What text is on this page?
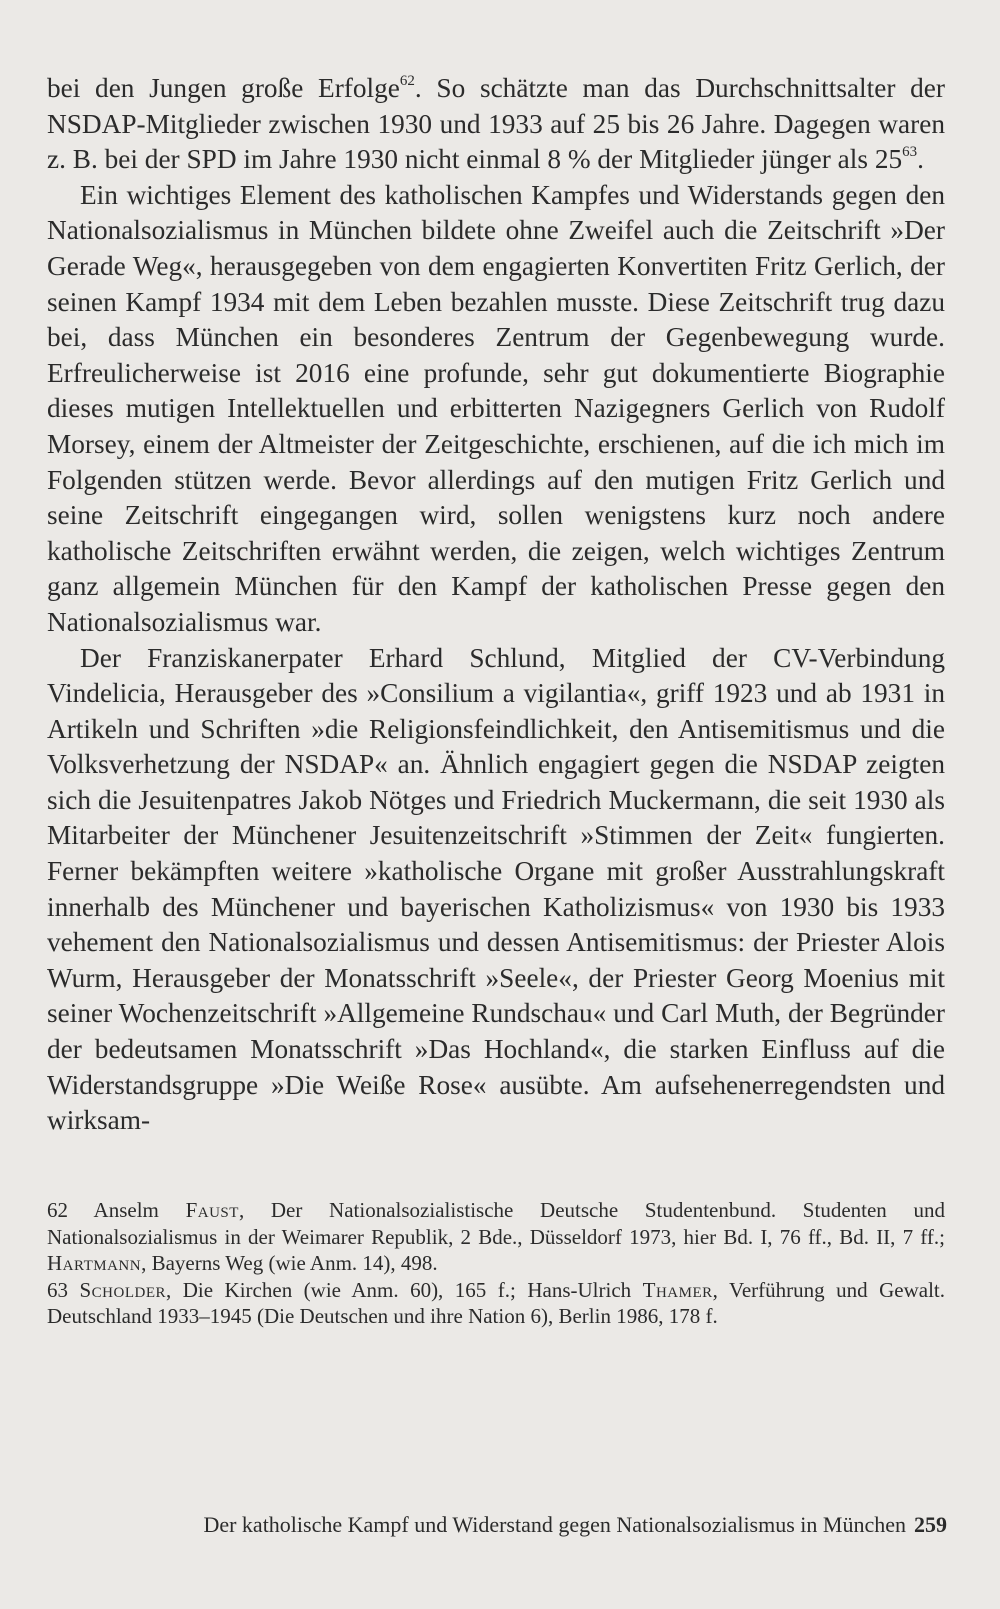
bei den Jungen große Erfolge$^{62}$. So schätzte man das Durchschnittsalter der NSDAP-Mitglieder zwischen 1930 und 1933 auf 25 bis 26 Jahre. Dagegen waren z. B. bei der SPD im Jahre 1930 nicht einmal 8 % der Mitglieder jünger als $25^{63}$.

Ein wichtiges Element des katholischen Kampfes und Widerstands gegen den Nationalsozialismus in München bildete ohne Zweifel auch die Zeitschrift »Der Gerade Weg«, herausgegeben von dem engagierten Konvertiten Fritz Gerlich, der seinen Kampf 1934 mit dem Leben bezahlen musste. Diese Zeitschrift trug dazu bei, dass München ein besonderes Zentrum der Gegenbewegung wurde. Erfreulicherweise ist 2016 eine profunde, sehr gut dokumentierte Biographie dieses mutigen Intellektuellen und erbitterten Nazigegners Gerlich von Rudolf Morsey, einem der Altmeister der Zeitgeschichte, erschienen, auf die ich mich im Folgenden stützen werde. Bevor allerdings auf den mutigen Fritz Gerlich und seine Zeitschrift eingegangen wird, sollen wenigstens kurz noch andere katholische Zeitschriften erwähnt werden, die zeigen, welch wichtiges Zentrum ganz allgemein München für den Kampf der katholischen Presse gegen den Nationalsozialismus war.

Der Franziskanerpater Erhard Schlund, Mitglied der CV-Verbindung Vindelicia, Herausgeber des »Consilium a vigilantia«, griff 1923 und ab 1931 in Artikeln und Schriften »die Religionsfeindlichkeit, den Antisemitismus und die Volksverhetzung der NSDAP« an. Ähnlich engagiert gegen die NSDAP zeigten sich die Jesuitenpatres Jakob Nötges und Friedrich Muckermann, die seit 1930 als Mitarbeiter der Münchener Jesuitenzeitschrift »Stimmen der Zeit« fungierten. Ferner bekämpften weitere »katholische Organe mit großer Ausstrahlungskraft innerhalb des Münchener und bayerischen Katholizismus« von 1930 bis 1933 vehement den Nationalsozialismus und dessen Antisemitismus: der Priester Alois Wurm, Herausgeber der Monatsschrift »Seele«, der Priester Georg Moenius mit seiner Wochenzeitschrift »Allgemeine Rundschau« und Carl Muth, der Begründer der bedeutsamen Monatsschrift »Das Hochland«, die starken Einfluss auf die Widerstandsgruppe »Die Weiße Rose« ausübte. Am aufsehenerregendsten und wirksam-

62 Anselm Faust, Der Nationalsozialistische Deutsche Studentenbund. Studenten und Nationalsozialismus in der Weimarer Republik, 2 Bde., Düsseldorf 1973, hier Bd. I, 76 ff., Bd. II, 7 ff.; Hartmann, Bayerns Weg (wie Anm. 14), 498.

63 Scholder, Die Kirchen (wie Anm. 60), 165 f.; Hans-Ulrich Thamer, Verführung und Gewalt. Deutschland 1933–1945 (Die Deutschen und ihre Nation 6), Berlin 1986, 178 f.

Der katholische Kampf und Widerstand gegen Nationalsozialismus in München 259
